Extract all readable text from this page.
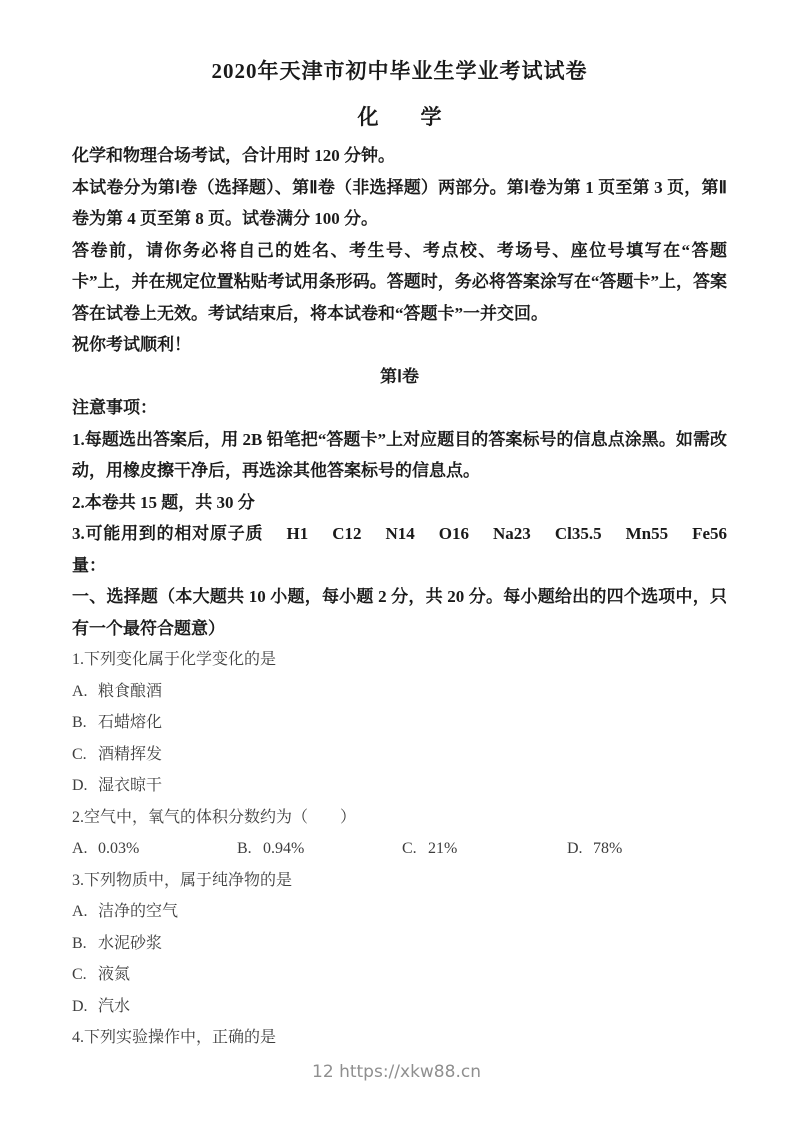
2020年天津市初中毕业生学业考试试卷
化　　学

化学和物理合场考试，合计用时 120 分钟。

本试卷分为第Ⅰ卷（选择题）、第Ⅱ卷（非选择题）两部分。第Ⅰ卷为第 1 页至第 3 页，第Ⅱ卷为第 4 页至第 8 页。试卷满分 100 分。

答卷前，请你务必将自己的姓名、考生号、考点校、考场号、座位号填写在“答题卡”上，并在规定位置粘贴考试用条形码。答题时，务必将答案涂写在“答题卡”上，答案答在试卷上无效。考试结束后，将本试卷和“答题卡”一并交回。

祝你考试顺利！

第Ⅰ卷

注意事项：

1.每题选出答案后，用 2B 铅笔把“答题卡”上对应题目的答案标号的信息点涂黑。如需改动，用橡皮擦干净后，再选涂其他答案标号的信息点。

2.本卷共 15 题，共 30 分

3.可能用到的相对原子质量：
H1 C12 N14 O16 Na23 Cl35.5 Mn55 Fe56

一、选择题（本大题共 10 小题，每小题 2 分，共 20 分。每小题给出的四个选项中，只有一个最符合题意）

1.下列变化属于化学变化的是

A. 粮食酿酒

B. 石蜡熔化

C. 酒精挥发

D. 湿衣晾干

2.空气中，氧气的体积分数约为（　　）

A. 0.03%	B. 0.94%	C. 21%	D. 78%

3.下列物质中，属于纯净物的是

A. 洁净的空气

B. 水泥砂浆

C. 液氮

D. 汽水

4.下列实验操作中，正确的是

12 https://xkw88.cn
